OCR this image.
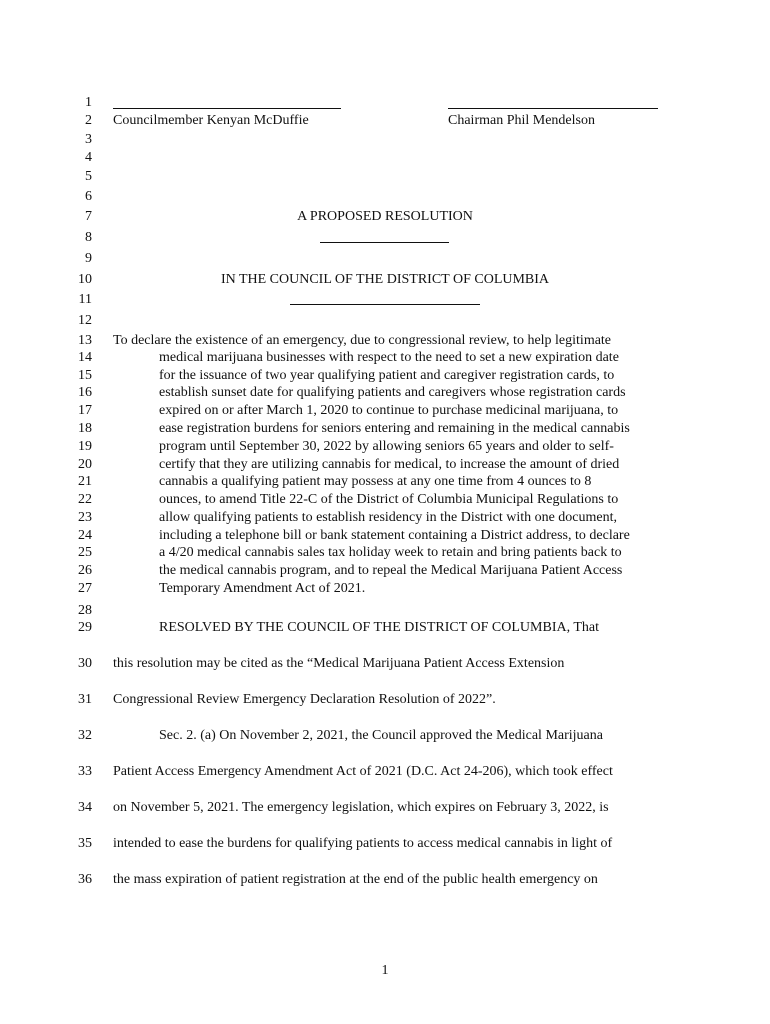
1
2
3
4
5
6
7
8
9
10
11
12
13
14
15
16
17
18
19
20
21
22
23
24
25
26
27
28
29
30
31
32
33
34
35
36
Councilmember Kenyan McDuffie	Chairman Phil Mendelson
A PROPOSED RESOLUTION
IN THE COUNCIL OF THE DISTRICT OF COLUMBIA
To declare the existence of an emergency, due to congressional review, to help legitimate
medical marijuana businesses with respect to the need to set a new expiration date
for the issuance of two year qualifying patient and caregiver registration cards, to
establish sunset date for qualifying patients and caregivers whose registration cards
expired on or after March 1, 2020 to continue to purchase medicinal marijuana, to
ease registration burdens for seniors entering and remaining in the medical cannabis
program until September 30, 2022 by allowing seniors 65 years and older to self-
certify that they are utilizing cannabis for medical, to increase the amount of dried
cannabis a qualifying patient may possess at any one time from 4 ounces to 8
ounces, to amend Title 22-C of the District of Columbia Municipal Regulations to
allow qualifying patients to establish residency in the District with one document,
including a telephone bill or bank statement containing a District address, to declare
a 4/20 medical cannabis sales tax holiday week to retain and bring patients back to
the medical cannabis program, and to repeal the Medical Marijuana Patient Access
Temporary Amendment Act of 2021.
RESOLVED BY THE COUNCIL OF THE DISTRICT OF COLUMBIA, That
this resolution may be cited as the “Medical Marijuana Patient Access Extension
Congressional Review Emergency Declaration Resolution of 2022”.
Sec. 2. (a) On November 2, 2021, the Council approved the Medical Marijuana
Patient Access Emergency Amendment Act of 2021 (D.C. Act 24-206), which took effect
on November 5, 2021. The emergency legislation, which expires on February 3, 2022, is
intended to ease the burdens for qualifying patients to access medical cannabis in light of
the mass expiration of patient registration at the end of the public health emergency on
1
